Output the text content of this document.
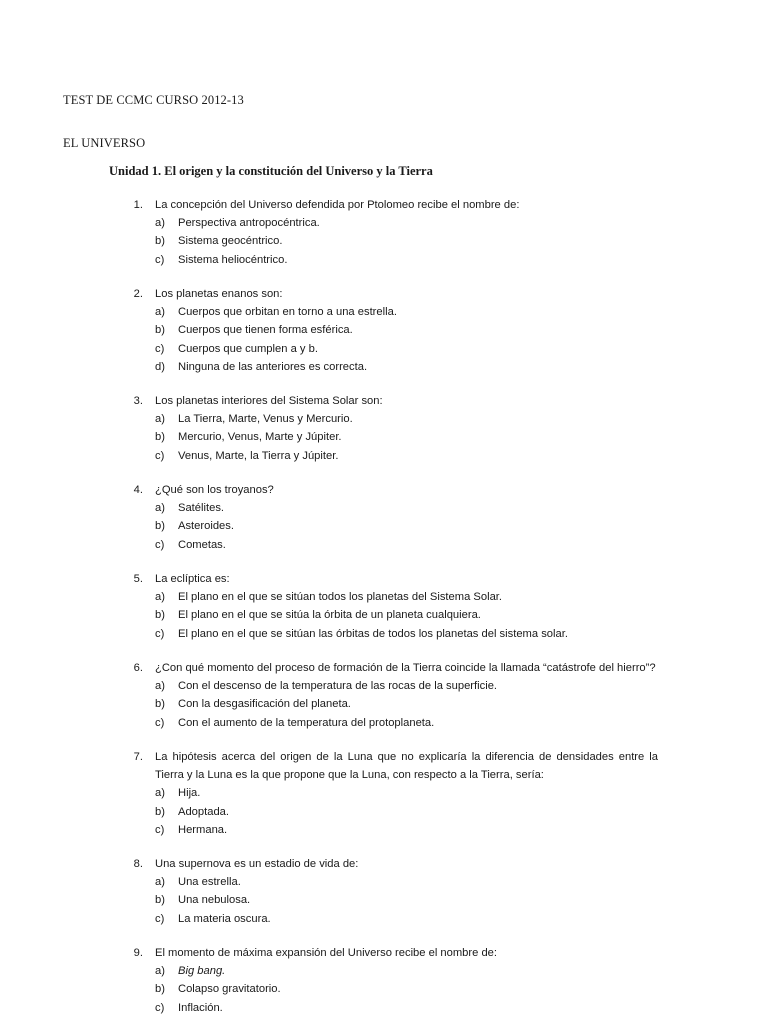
TEST DE CCMC CURSO 2012-13
EL UNIVERSO
Unidad 1. El origen y la constitución del Universo y la Tierra
1. La concepción del Universo defendida por Ptolomeo recibe el nombre de:
a) Perspectiva antropocéntrica.
b) Sistema geocéntrico.
c) Sistema heliocéntrico.
2. Los planetas enanos son:
a) Cuerpos que orbitan en torno a una estrella.
b) Cuerpos que tienen forma esférica.
c) Cuerpos que cumplen a y b.
d) Ninguna de las anteriores es correcta.
3. Los planetas interiores del Sistema Solar son:
a) La Tierra, Marte, Venus y Mercurio.
b) Mercurio, Venus, Marte y Júpiter.
c) Venus, Marte, la Tierra y Júpiter.
4. ¿Qué son los troyanos?
a) Satélites.
b) Asteroides.
c) Cometas.
5. La eclíptica es:
a) El plano en el que se sitúan todos los planetas del Sistema Solar.
b) El plano en el que se sitúa la órbita de un planeta cualquiera.
c) El plano en el que se sitúan las órbitas de todos los planetas del sistema solar.
6. ¿Con qué momento del proceso de formación de la Tierra coincide la llamada “catástrofe del hierro”?
a) Con el descenso de la temperatura de las rocas de la superficie.
b) Con la desgasificación del planeta.
c) Con el aumento de la temperatura del protoplaneta.
7. La hipótesis acerca del origen de la Luna que no explicaría la diferencia de densidades entre la Tierra y la Luna es la que propone que la Luna, con respecto a la Tierra, sería:
a) Hija.
b) Adoptada.
c) Hermana.
8. Una supernova es un estadio de vida de:
a) Una estrella.
b) Una nebulosa.
c) La materia oscura.
9. El momento de máxima expansión del Universo recibe el nombre de:
a) Big bang.
b) Colapso gravitatorio.
c) Inflación.
